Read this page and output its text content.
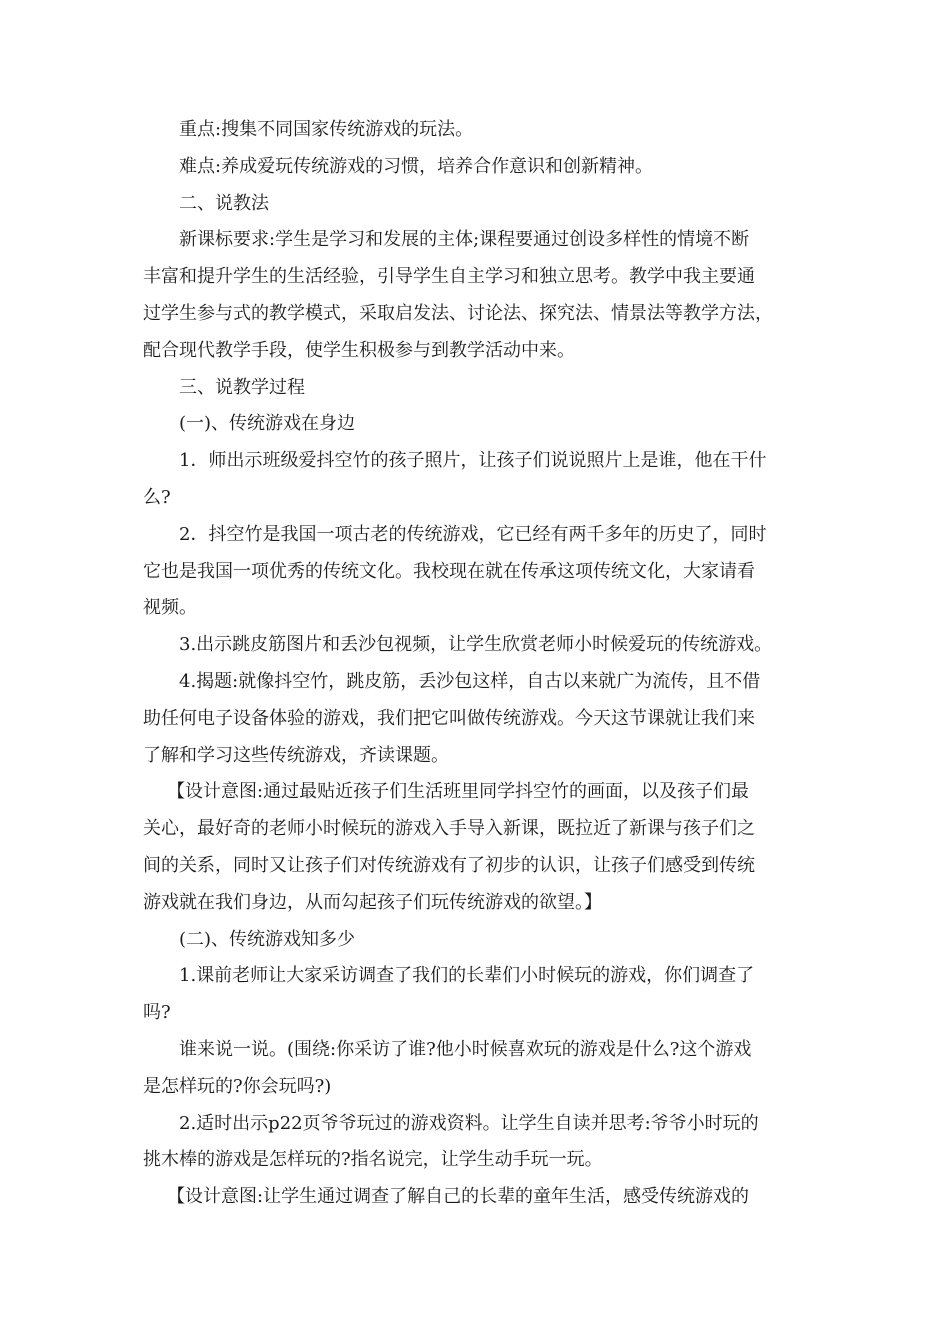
重点:搜集不同国家传统游戏的玩法。
难点:养成爱玩传统游戏的习惯，培养合作意识和创新精神。
二、说教法
新课标要求:学生是学习和发展的主体;课程要通过创设多样性的情境不断
丰富和提升学生的生活经验，引导学生自主学习和独立思考。教学中我主要通
过学生参与式的教学模式，采取启发法、讨论法、探究法、情景法等教学方法，
配合现代教学手段，使学生积极参与到教学活动中来。
三、说教学过程
(一)、传统游戏在身边
1．师出示班级爱抖空竹的孩子照片，让孩子们说说照片上是谁，他在干什
么?
2．抖空竹是我国一项古老的传统游戏，它已经有两千多年的历史了，同时
它也是我国一项优秀的传统文化。我校现在就在传承这项传统文化，大家请看
视频。
3.出示跳皮筋图片和丢沙包视频，让学生欣赏老师小时候爱玩的传统游戏。
4.揭题:就像抖空竹，跳皮筋，丢沙包这样，自古以来就广为流传，且不借
助任何电子设备体验的游戏，我们把它叫做传统游戏。今天这节课就让我们来
了解和学习这些传统游戏，齐读课题。
【设计意图:通过最贴近孩子们生活班里同学抖空竹的画面，以及孩子们最
关心，最好奇的老师小时候玩的游戏入手导入新课，既拉近了新课与孩子们之
间的关系，同时又让孩子们对传统游戏有了初步的认识，让孩子们感受到传统
游戏就在我们身边，从而勾起孩子们玩传统游戏的欲望。】
(二)、传统游戏知多少
1.课前老师让大家采访调查了我们的长辈们小时候玩的游戏，你们调查了
吗?
谁来说一说。(围绕:你采访了谁?他小时候喜欢玩的游戏是什么?这个游戏
是怎样玩的?你会玩吗?)
2.适时出示p22页爷爷玩过的游戏资料。让学生自读并思考:爷爷小时玩的
挑木棒的游戏是怎样玩的?指名说完，让学生动手玩一玩。
【设计意图:让学生通过调查了解自己的长辈的童年生活，感受传统游戏的
